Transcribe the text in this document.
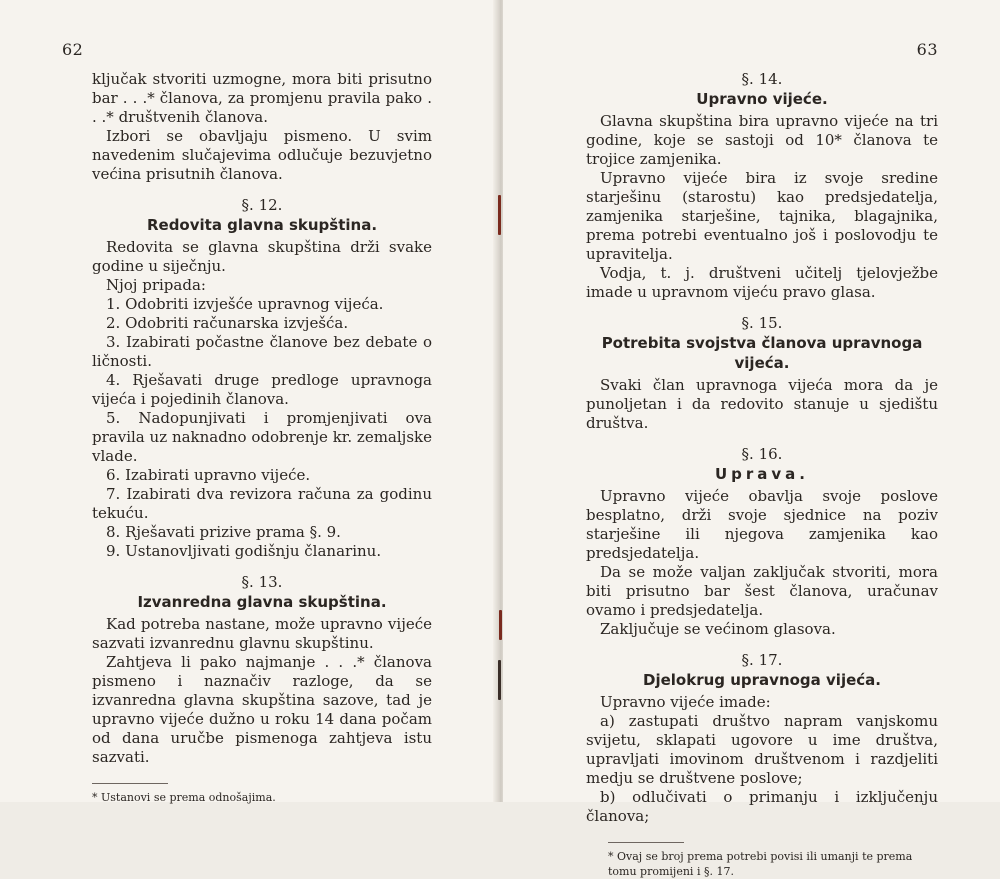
62

ključak stvoriti uzmogne, mora biti prisutno bar . . .* članova, za promjenu pravila pako . . .* društvenih članova.

Izbori se obavljaju pismeno. U svim navedenim slučajevima odlučuje bezuvjetno većina prisutnih članova.

§. 12.

Redovita glavna skupština.

Redovita se glavna skupština drži svake godine u siječnju.

Njoj pripada:

1. Odobriti izvješće upravnog vijeća.

2. Odobriti računarska izvješća.

3. Izabirati počastne članove bez debate o ličnosti.

4. Rješavati druge predloge upravnoga vijeća i pojedinih članova.

5. Nadopunjivati i promjenjivati ova pravila uz naknadno odobrenje kr. zemaljske vlade.

6. Izabirati upravno vijeće.

7. Izabirati dva revizora računa za godinu tekuću.

8. Rješavati prizive prama §. 9.

9. Ustanovljivati godišnju članarinu.

§. 13.

Izvanredna glavna skupština.

Kad potreba nastane, može upravno vijeće sazvati izvanrednu glavnu skupštinu.

Zahtjeva li pako najmanje . . .* članova pismeno i naznačiv razloge, da se izvanredna glavna skupština sazove, tad je upravno vijeće dužno u roku 14 dana počam od dana uručbe pismenoga zahtjeva istu sazvati.

* Ustanovi se prema odnošajima.

63

§. 14.

Upravno vijeće.

Glavna skupština bira upravno vijeće na tri godine, koje se sastoji od 10* članova te trojice zamjenika.

Upravno vijeće bira iz svoje sredine starješinu (starostu) kao predsjedatelja, zamjenika starješine, tajnika, blagajnika, prema potrebi eventualno još i poslovodju te upravitelja.

Vodja, t. j. društveni učitelj tjelovježbe imade u upravnom vijeću pravo glasa.

§. 15.

Potrebita svojstva članova upravnoga vijeća.

Svaki član upravnoga vijeća mora da je punoljetan i da redovito stanuje u sjedištu društva.

§. 16.

Uprava.

Upravno vijeće obavlja svoje poslove besplatno, drži svoje sjednice na poziv starješine ili njegova zamjenika kao predsjedatelja.

Da se može valjan zaključak stvoriti, mora biti prisutno bar šest članova, uračunav ovamo i predsjedatelja.

Zaključuje se većinom glasova.

§. 17.

Djelokrug upravnoga vijeća.

Upravno vijeće imade:

a) zastupati društvo napram vanjskomu svijetu, sklapati ugovore u ime društva, upravljati imovinom društvenom i razdjeliti medju se društvene poslove;

b) odlučivati o primanju i izključenju članova;

* Ovaj se broj prema potrebi povisi ili umanji te prema tomu promijeni i §. 17.
